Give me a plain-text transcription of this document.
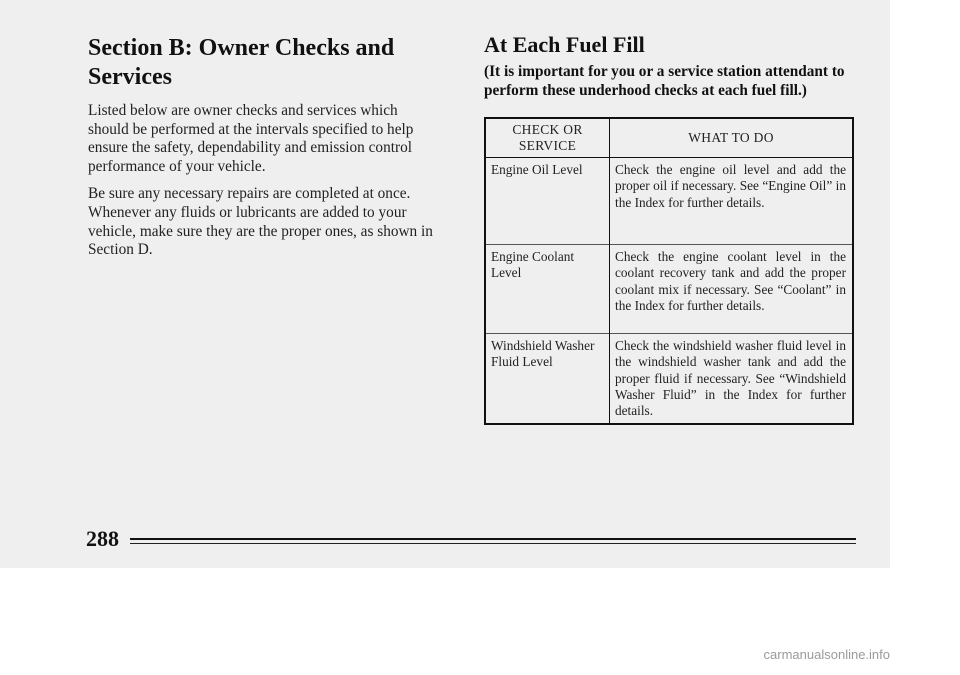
Section B: Owner Checks and Services

Listed below are owner checks and services which should be performed at the intervals specified to help ensure the safety, dependability and emission control performance of your vehicle.

Be sure any necessary repairs are completed at once. Whenever any fluids or lubricants are added to your vehicle, make sure they are the proper ones, as shown in Section D.

At Each Fuel Fill

(It is important for you or a service station attendant to perform these underhood checks at each fuel fill.)

CHECK OR SERVICE	WHAT TO DO
Engine Oil Level	Check the engine oil level and add the proper oil if necessary. See “Engine Oil” in the Index for further details.
Engine Coolant Level	Check the engine coolant level in the coolant recovery tank and add the proper coolant mix if necessary. See “Coolant” in the Index for further details.
Windshield Washer Fluid Level	Check the windshield washer fluid level in the windshield washer tank and add the proper fluid if necessary. See “Windshield Washer Fluid” in the Index for further details.
288
carmanualsonline.info
